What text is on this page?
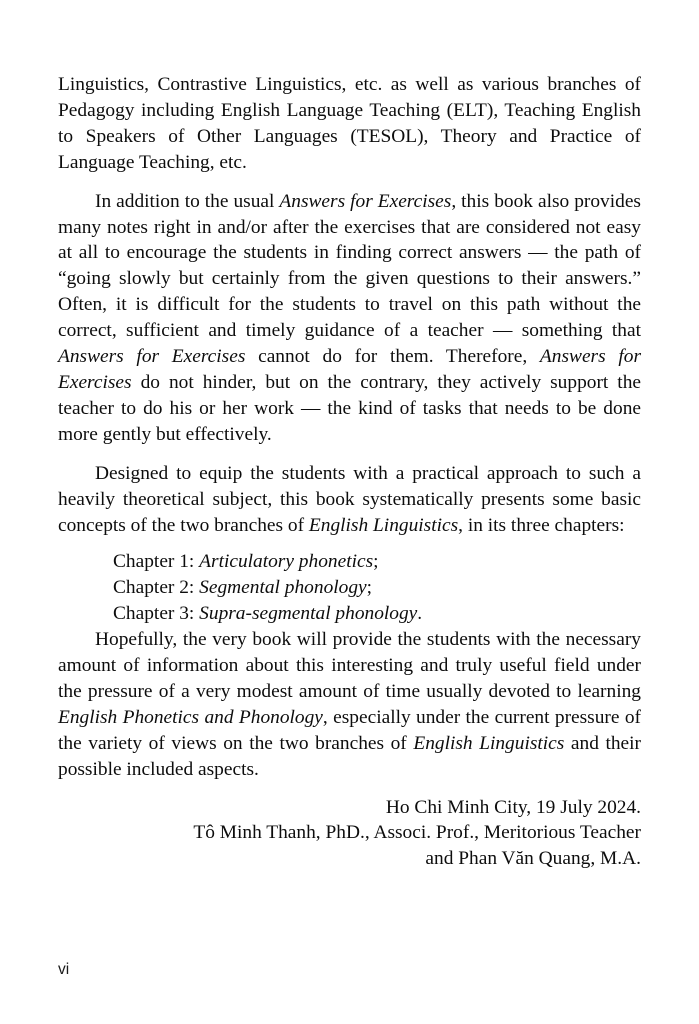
Linguistics, Contrastive Linguistics, etc. as well as various branches of Pedagogy including English Language Teaching (ELT), Teaching English to Speakers of Other Languages (TESOL), Theory and Practice of Language Teaching, etc.

In addition to the usual Answers for Exercises, this book also provides many notes right in and/or after the exercises that are considered not easy at all to encourage the students in finding correct answers — the path of “going slowly but certainly from the given questions to their answers.” Often, it is difficult for the students to travel on this path without the correct, sufficient and timely guidance of a teacher — something that Answers for Exercises cannot do for them. Therefore, Answers for Exercises do not hinder, but on the contrary, they actively support the teacher to do his or her work — the kind of tasks that needs to be done more gently but effectively.

Designed to equip the students with a practical approach to such a heavily theoretical subject, this book systematically presents some basic concepts of the two branches of English Linguistics, in its three chapters:

Chapter 1: Articulatory phonetics;
Chapter 2: Segmental phonology;
Chapter 3: Supra-segmental phonology.

Hopefully, the very book will provide the students with the necessary amount of information about this interesting and truly useful field under the pressure of a very modest amount of time usually devoted to learning English Phonetics and Phonology, especially under the current pressure of the variety of views on the two branches of English Linguistics and their possible included aspects.

Ho Chi Minh City, 19 July 2024.
Tô Minh Thanh, PhD., Associ. Prof., Meritorious Teacher
and Phan Văn Quang, M.A.
vi
